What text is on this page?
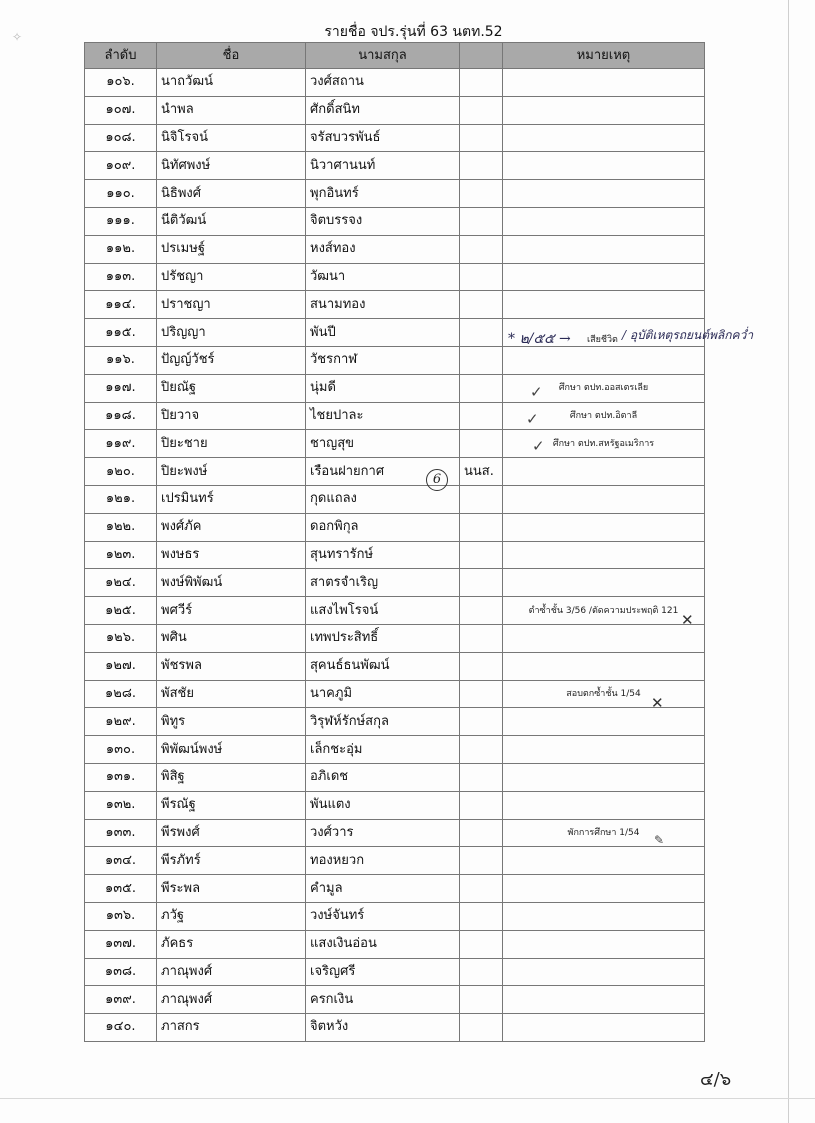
✧	รายชื่อ จปร.รุ่นที่ 63 นตท.52
ลำดับ	ชื่อ	นามสกุล		หมายเหตุ
๑๐๖.	นาถวัฒน์	วงศ์สถาน		
๑๐๗.	นำพล	ศักดิ์สนิท		
๑๐๘.	นิจิโรจน์	จรัสบวรพันธ์		
๑๐๙.	นิทัศพงษ์	นิวาศานนท์		
๑๑๐.	นิธิพงศ์	พุกอินทร์		
๑๑๑.	นีติวัฒน์	จิตบรรจง		
๑๑๒.	ปรเมษฐ์	หงส์ทอง		
๑๑๓.	ปรัชญา	วัฒนา		
๑๑๔.	ปราชญา	สนามทอง		
๑๑๕.	ปริญญา	พันปี		
๑๑๖.	ปัญญ์วัชร์	วัชรกาฬ		
๑๑๗.	ปิยณัฐ	นุ่มดี		ศึกษา ตปท.ออสเตรเลีย
๑๑๘.	ปิยวาจ	ไชยปาละ		ศึกษา ตปท.อิตาลี
๑๑๙.	ปิยะชาย	ชาญสุข		ศึกษา ตปท.สหรัฐอเมริการ
๑๒๐.	ปิยะพงษ์	เรือนฝายกาศ	นนส.	
๑๒๑.	เปรมินทร์	กุดแถลง		
๑๒๒.	พงศ์ภัค	ดอกพิกุล		
๑๒๓.	พงษธร	สุนทรารักษ์		
๑๒๔.	พงษ์พิพัฒน์	สาตรจำเริญ		
๑๒๕.	พศวีร์	แสงไพโรจน์		ตำซ้ำชั้น 3/56 /ตัดความประพฤติ 121
๑๒๖.	พศิน	เทพประสิทธิ์		
๑๒๗.	พัชรพล	สุคนธ์ธนพัฒน์		
๑๒๘.	พัสชัย	นาคภูมิ		สอบตกซ้ำชั้น 1/54
๑๒๙.	พิทูร	วิรุฬห์รักษ์สกุล		
๑๓๐.	พิพัฒน์พงษ์	เล็กชะอุ่ม		
๑๓๑.	พิสิฐ	อภิเดช		
๑๓๒.	พีรณัฐ	พันแตง		
๑๓๓.	พีรพงศ์	วงศ์วาร		พักการศึกษา 1/54
๑๓๔.	พีรภัทร์	ทองหยวก		
๑๓๕.	พีระพล	คำมูล		
๑๓๖.	ภวัฐ	วงษ์จันทร์		
๑๓๗.	ภัคธร	แสงเงินอ่อน		
๑๓๘.	ภาณุพงศ์	เจริญศรี		
๑๓๙.	ภาณุพงศ์	ครกเงิน		
๑๔๐.	ภาสกร	จิตหวัง		
* ๒/๕๕ → เสียชีวิต / อุบัติเหตุรถยนต์พลิกคว่ำ
✓
✓
✓
6
✕
✕
✎
๔/๖
